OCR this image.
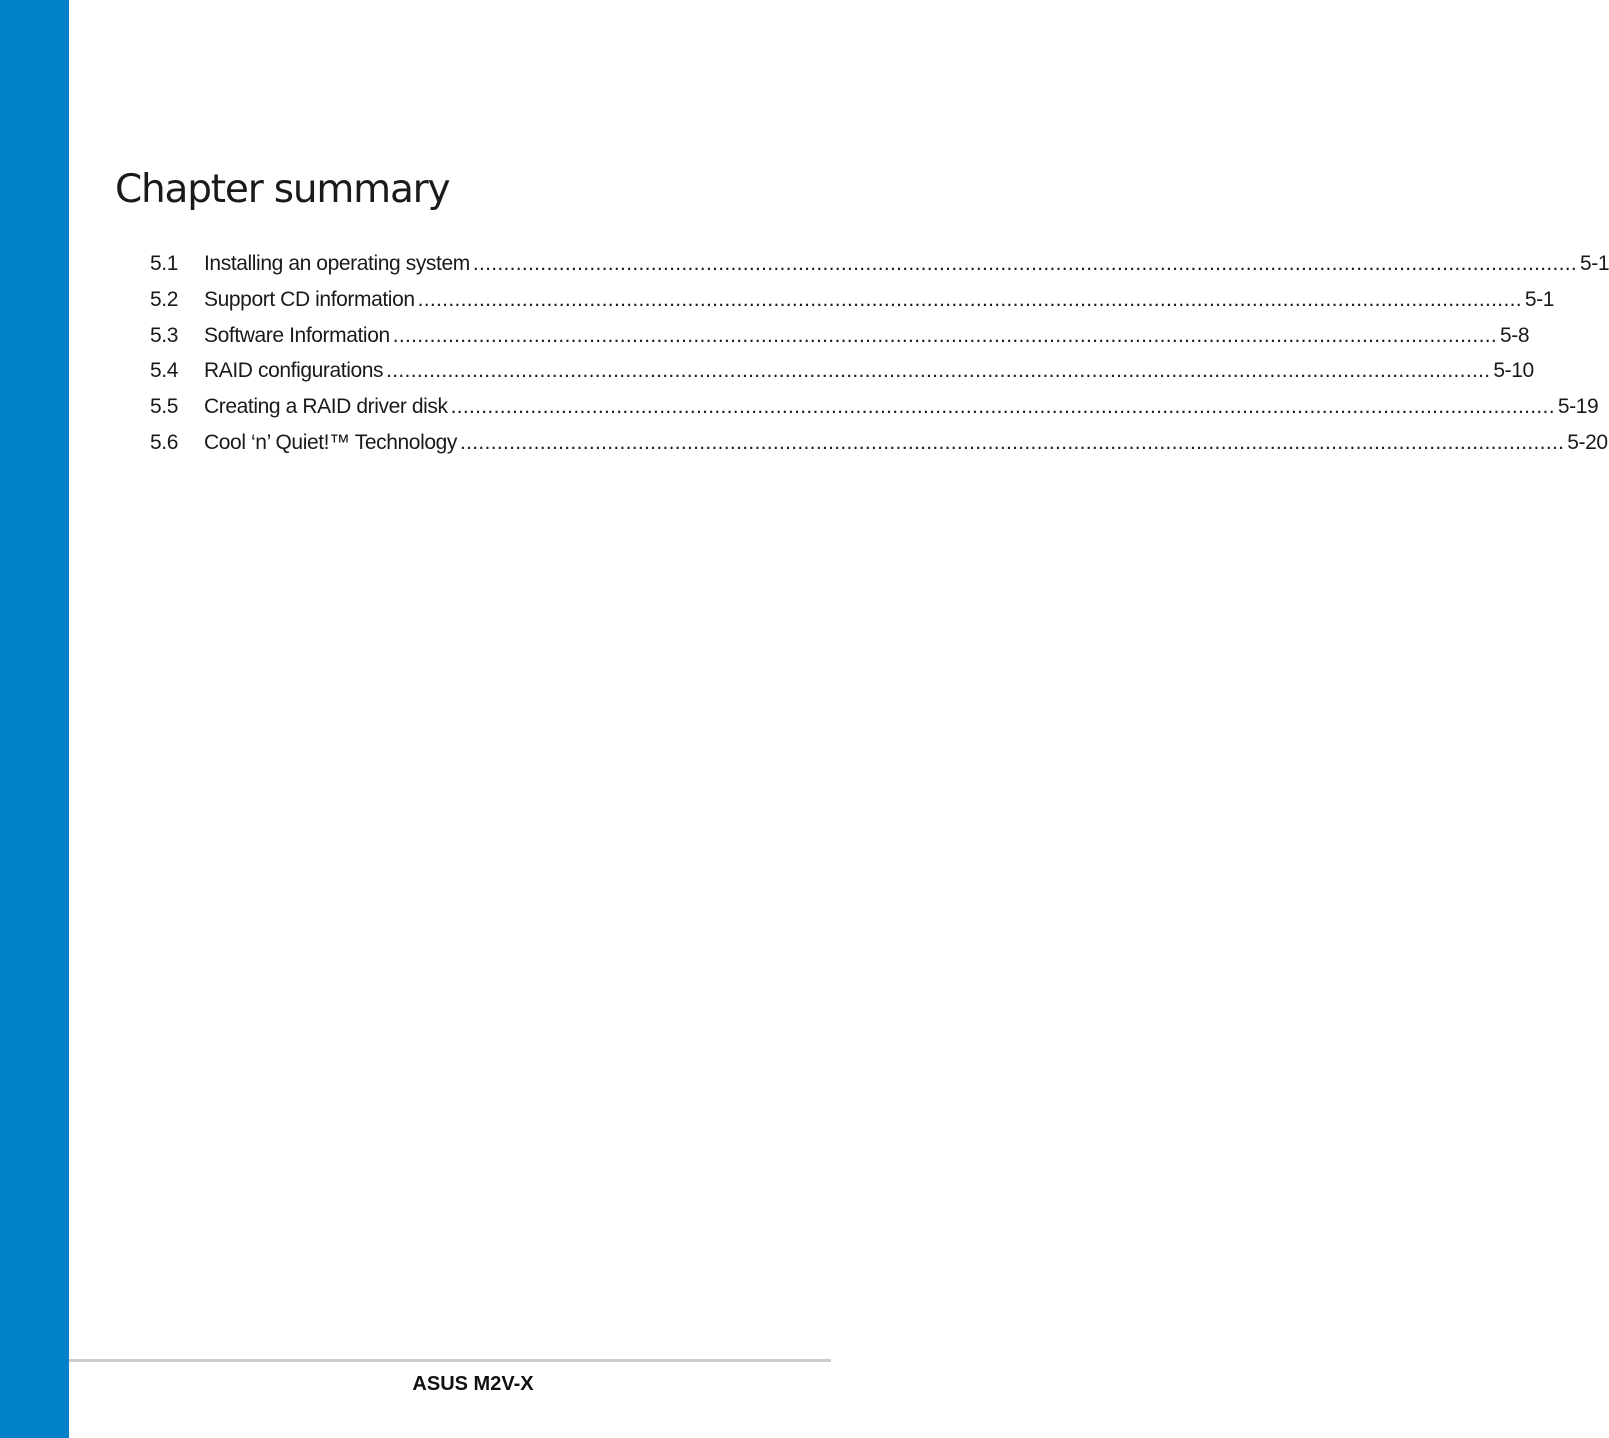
Chapter summary
5.1	Installing an operating system .....	5-1
5.2	Support CD information .....	5-1
5.3	Software Information .....	5-8
5.4	RAID configurations .....	5-10
5.5	Creating a RAID driver disk .....	5-19
5.6	Cool ‘n’ Quiet!™ Technology .....	5-20
ASUS M2V-X
